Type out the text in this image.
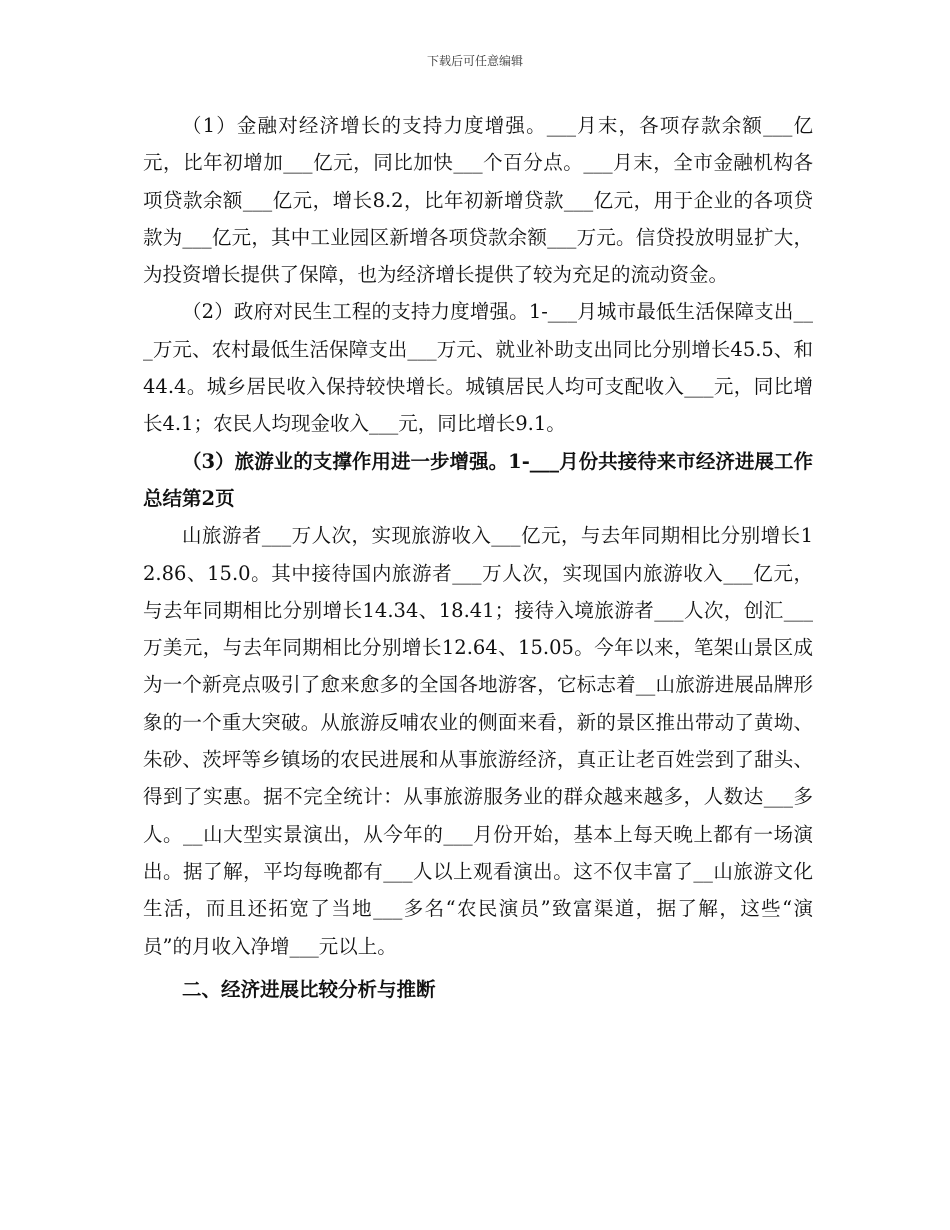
下载后可任意编辑

（1）金融对经济增长的支持力度增强。___月末，各项存款余额___亿元，比年初增加___亿元，同比加快___个百分点。___月末，全市金融机构各项贷款余额___亿元，增长8.2，比年初新增贷款___亿元，用于企业的各项贷款为___亿元，其中工业园区新增各项贷款余额___万元。信贷投放明显扩大，为投资增长提供了保障，也为经济增长提供了较为充足的流动资金。

（2）政府对民生工程的支持力度增强。1-___月城市最低生活保障支出___万元、农村最低生活保障支出___万元、就业补助支出同比分别增长45.5、和44.4。城乡居民收入保持较快增长。城镇居民人均可支配收入___元，同比增长4.1；农民人均现金收入___元，同比增长9.1。

（3）旅游业的支撑作用进一步增强。1-___月份共接待来市经济进展工作总结第2页

山旅游者___万人次，实现旅游收入___亿元，与去年同期相比分别增长12.86、15.0。其中接待国内旅游者___万人次，实现国内旅游收入___亿元，与去年同期相比分别增长14.34、18.41；接待入境旅游者___人次，创汇___万美元，与去年同期相比分别增长12.64、15.05。今年以来，笔架山景区成为一个新亮点吸引了愈来愈多的全国各地游客，它标志着__山旅游进展品牌形象的一个重大突破。从旅游反哺农业的侧面来看，新的景区推出带动了黄坳、朱砂、茨坪等乡镇场的农民进展和从事旅游经济，真正让老百姓尝到了甜头、得到了实惠。据不完全统计：从事旅游服务业的群众越来越多，人数达___多人。__山大型实景演出，从今年的___月份开始，基本上每天晚上都有一场演出。据了解，平均每晚都有___人以上观看演出。这不仅丰富了__山旅游文化生活，而且还拓宽了当地___多名“农民演员”致富渠道，据了解，这些“演员”的月收入净增___元以上。

二、经济进展比较分析与推断
